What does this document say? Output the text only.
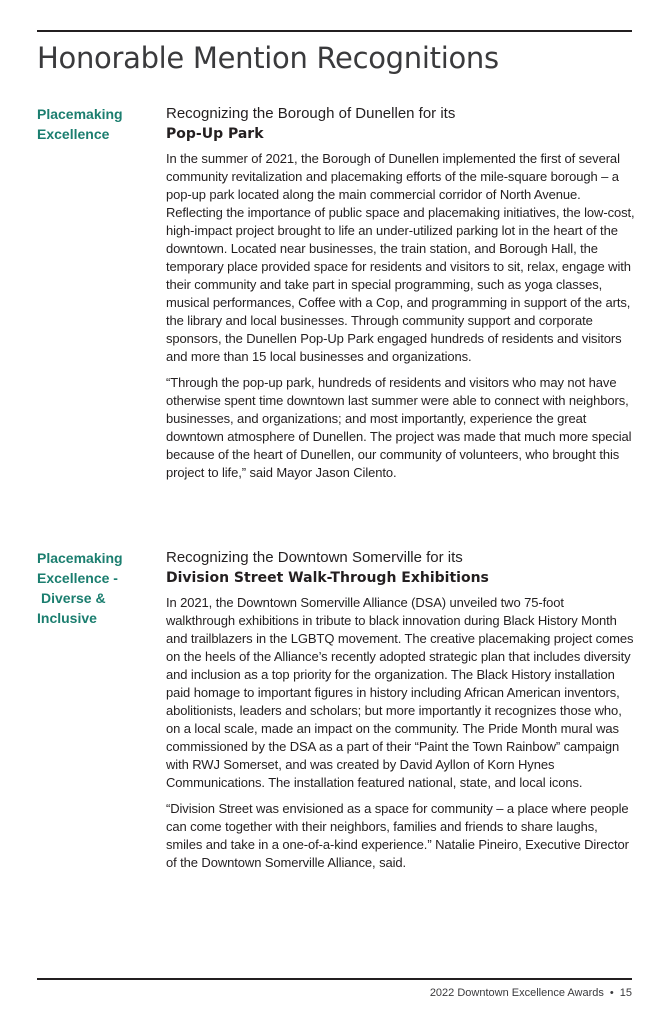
Honorable Mention Recognitions
Placemaking
Excellence

Recognizing the Borough of Dunellen for its

Pop-Up Park

In the summer of 2021, the Borough of Dunellen implemented the first of several community revitalization and placemaking efforts of the mile-square borough – a pop-up park located along the main commercial corridor of North Avenue. Reflecting the importance of public space and placemaking initiatives, the low-cost, high-impact project brought to life an under-utilized parking lot in the heart of the downtown. Located near businesses, the train station, and Borough Hall, the temporary place provided space for residents and visitors to sit, relax, engage with their community and take part in special programming, such as yoga classes, musical performances, Coffee with a Cop, and programming in support of the arts, the library and local businesses. Through community support and corporate sponsors, the Dunellen Pop-Up Park engaged hundreds of residents and visitors and more than 15 local businesses and organizations.

“Through the pop-up park, hundreds of residents and visitors who may not have otherwise spent time downtown last summer were able to connect with neighbors, businesses, and organizations; and most importantly, experience the great downtown atmosphere of Dunellen. The project was made that much more special because of the heart of Dunellen, our community of volunteers, who brought this project to life,” said Mayor Jason Cilento.

Placemaking
Excellence -
Diverse &
Inclusive

Recognizing the Downtown Somerville for its

Division Street Walk-Through Exhibitions

In 2021, the Downtown Somerville Alliance (DSA) unveiled two 75-foot walkthrough exhibitions in tribute to black innovation during Black History Month and trailblazers in the LGBTQ movement. The creative placemaking project comes on the heels of the Alliance’s recently adopted strategic plan that includes diversity and inclusion as a top priority for the organization. The Black History installation paid homage to important figures in history including African American inventors, abolitionists, leaders and scholars; but more importantly it recognizes those who, on a local scale, made an impact on the community. The Pride Month mural was commissioned by the DSA as a part of their “Paint the Town Rainbow” campaign with RWJ Somerset, and was created by David Ayllon of Korn Hynes Communications. The installation featured national, state, and local icons.

“Division Street was envisioned as a space for community – a place where people can come together with their neighbors, families and friends to share laughs, smiles and take in a one-of-a-kind experience.” Natalie Pineiro, Executive Director of the Downtown Somerville Alliance, said.

2022 Downtown Excellence Awards • 15
